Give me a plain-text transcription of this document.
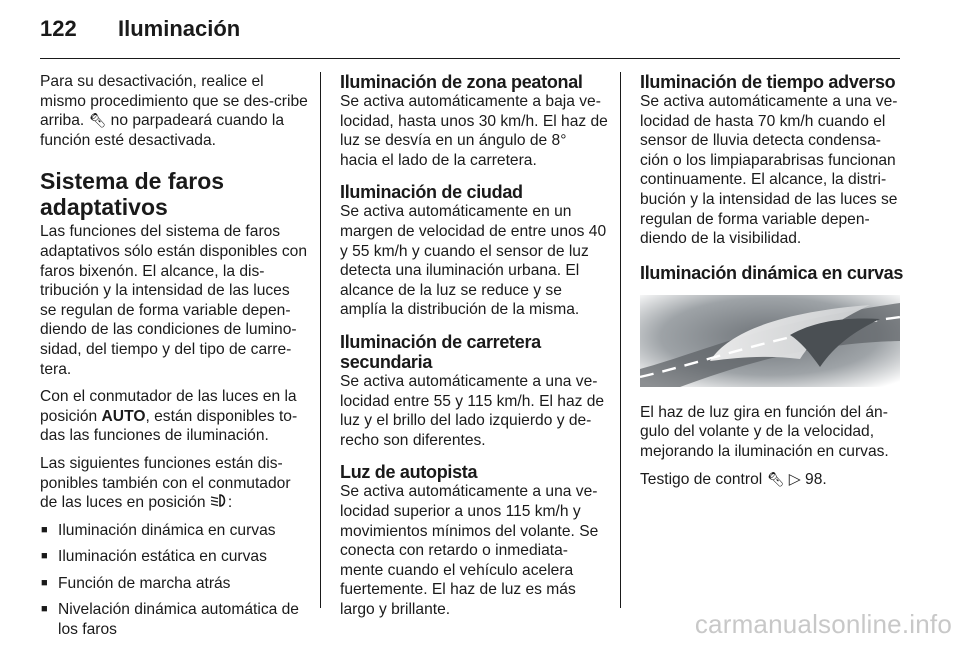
122 Iluminación

Para su desactivación, realice el mismo procedimiento que se des-cribe arriba. 🔦︎ no parpadeará cuando la función esté desactivada.

Sistema de faros adaptativos

Las funciones del sistema de faros adaptativos sólo están disponibles con faros bixenón. El alcance, la dis-tribución y la intensidad de las luces se regulan de forma variable depen-diendo de las condiciones de lumino-sidad, del tiempo y del tipo de carre-tera.

Con el conmutador de las luces en la posición AUTO, están disponibles to-das las funciones de iluminación.

Las siguientes funciones están dis-ponibles también con el conmutador de las luces en posición :

■ Iluminación dinámica en curvas
■ Iluminación estática en curvas
■ Función de marcha atrás
■ Nivelación dinámica automática de los faros
Iluminación de zona peatonal

Se activa automáticamente a baja ve-locidad, hasta unos 30 km/h. El haz de luz se desvía en un ángulo de 8° hacia el lado de la carretera.

Iluminación de ciudad

Se activa automáticamente en un margen de velocidad de entre unos 40 y 55 km/h y cuando el sensor de luz detecta una iluminación urbana. El alcance de la luz se reduce y se amplía la distribución de la misma.

Iluminación de carretera secundaria

Se activa automáticamente a una ve-locidad entre 55 y 115 km/h. El haz de luz y el brillo del lado izquierdo y de-recho son diferentes.

Luz de autopista

Se activa automáticamente a una ve-locidad superior a unos 115 km/h y movimientos mínimos del volante. Se conecta con retardo o inmediata-mente cuando el vehículo acelera fuertemente. El haz de luz es más largo y brillante.

Iluminación de tiempo adverso

Se activa automáticamente a una ve-locidad de hasta 70 km/h cuando el sensor de lluvia detecta condensa-ción o los limpiaparabrisas funcionan continuamente. El alcance, la distri-bución y la intensidad de las luces se regulan de forma variable depen-diendo de la visibilidad.

Iluminación dinámica en curvas

El haz de luz gira en función del án-gulo del volante y de la velocidad, mejorando la iluminación en curvas.

Testigo de control 🔦︎ ▷ 98.

carmanualsonline.info
